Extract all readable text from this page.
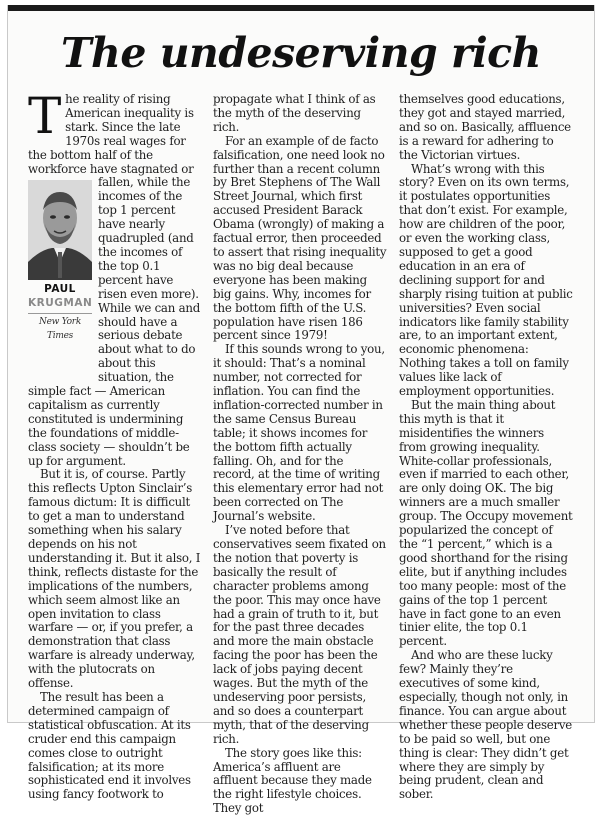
The undeserving rich

T he reality of rising American inequality is stark. Since the late 1970s real wages for the bottom half of the workforce have stagnated or fallen, while
PAUL
KRUGMAN
New York Times
the incomes of the top 1 percent have nearly quadrupled (and the incomes of the top 0.1 percent have risen even more). While we can and should have a serious debate about what to do about this situation, the simple fact — American capitalism as currently constituted is undermining the foundations of middle-class society — shouldn’t be up for argument.

But it is, of course. Partly this reflects Upton Sinclair’s famous dictum: It is difficult to get a man to understand something when his salary depends on his not understanding it. But it also, I think, reflects distaste for the implications of the numbers, which seem almost like an open invitation to class warfare — or, if you prefer, a demonstration that class warfare is already underway, with the plutocrats on offense.

The result has been a determined campaign of statistical obfuscation. At its cruder end this campaign comes close to outright falsification; at its more sophisticated end it involves using fancy footwork to

propagate what I think of as the myth of the deserving rich.

For an example of de facto falsification, one need look no further than a recent column by Bret Stephens of The Wall Street Journal, which first accused President Barack Obama (wrongly) of making a factual error, then proceeded to assert that rising inequality was no big deal because everyone has been making big gains. Why, incomes for the bottom fifth of the U.S. population have risen 186 percent since 1979!

If this sounds wrong to you, it should: That’s a nominal number, not corrected for inflation. You can find the inflation-corrected number in the same Census Bureau table; it shows incomes for the bottom fifth actually falling. Oh, and for the record, at the time of writing this elementary error had not been corrected on The Journal’s website.

I’ve noted before that conservatives seem fixated on the notion that poverty is basically the result of character problems among the poor. This may once have had a grain of truth to it, but for the past three decades and more the main obstacle facing the poor has been the lack of jobs paying decent wages. But the myth of the undeserving poor persists, and so does a counterpart myth, that of the deserving rich.

The story goes like this: America’s affluent are affluent because they made the right lifestyle choices. They got

themselves good educations, they got and stayed married, and so on. Basically, affluence is a reward for adhering to the Victorian virtues.

What’s wrong with this story? Even on its own terms, it postulates opportunities that don’t exist. For example, how are children of the poor, or even the working class, supposed to get a good education in an era of declining support for and sharply rising tuition at public universities? Even social indicators like family stability are, to an important extent, economic phenomena: Nothing takes a toll on family values like lack of employment opportunities.

But the main thing about this myth is that it misidentifies the winners from growing inequality. White-collar professionals, even if married to each other, are only doing OK. The big winners are a much smaller group. The Occupy movement popularized the concept of the “1 percent,” which is a good shorthand for the rising elite, but if anything includes too many people: most of the gains of the top 1 percent have in fact gone to an even tinier elite, the top 0.1 percent.

And who are these lucky few? Mainly they’re executives of some kind, especially, though not only, in finance. You can argue about whether these people deserve to be paid so well, but one thing is clear: They didn’t get where they are simply by being prudent, clean and sober.
